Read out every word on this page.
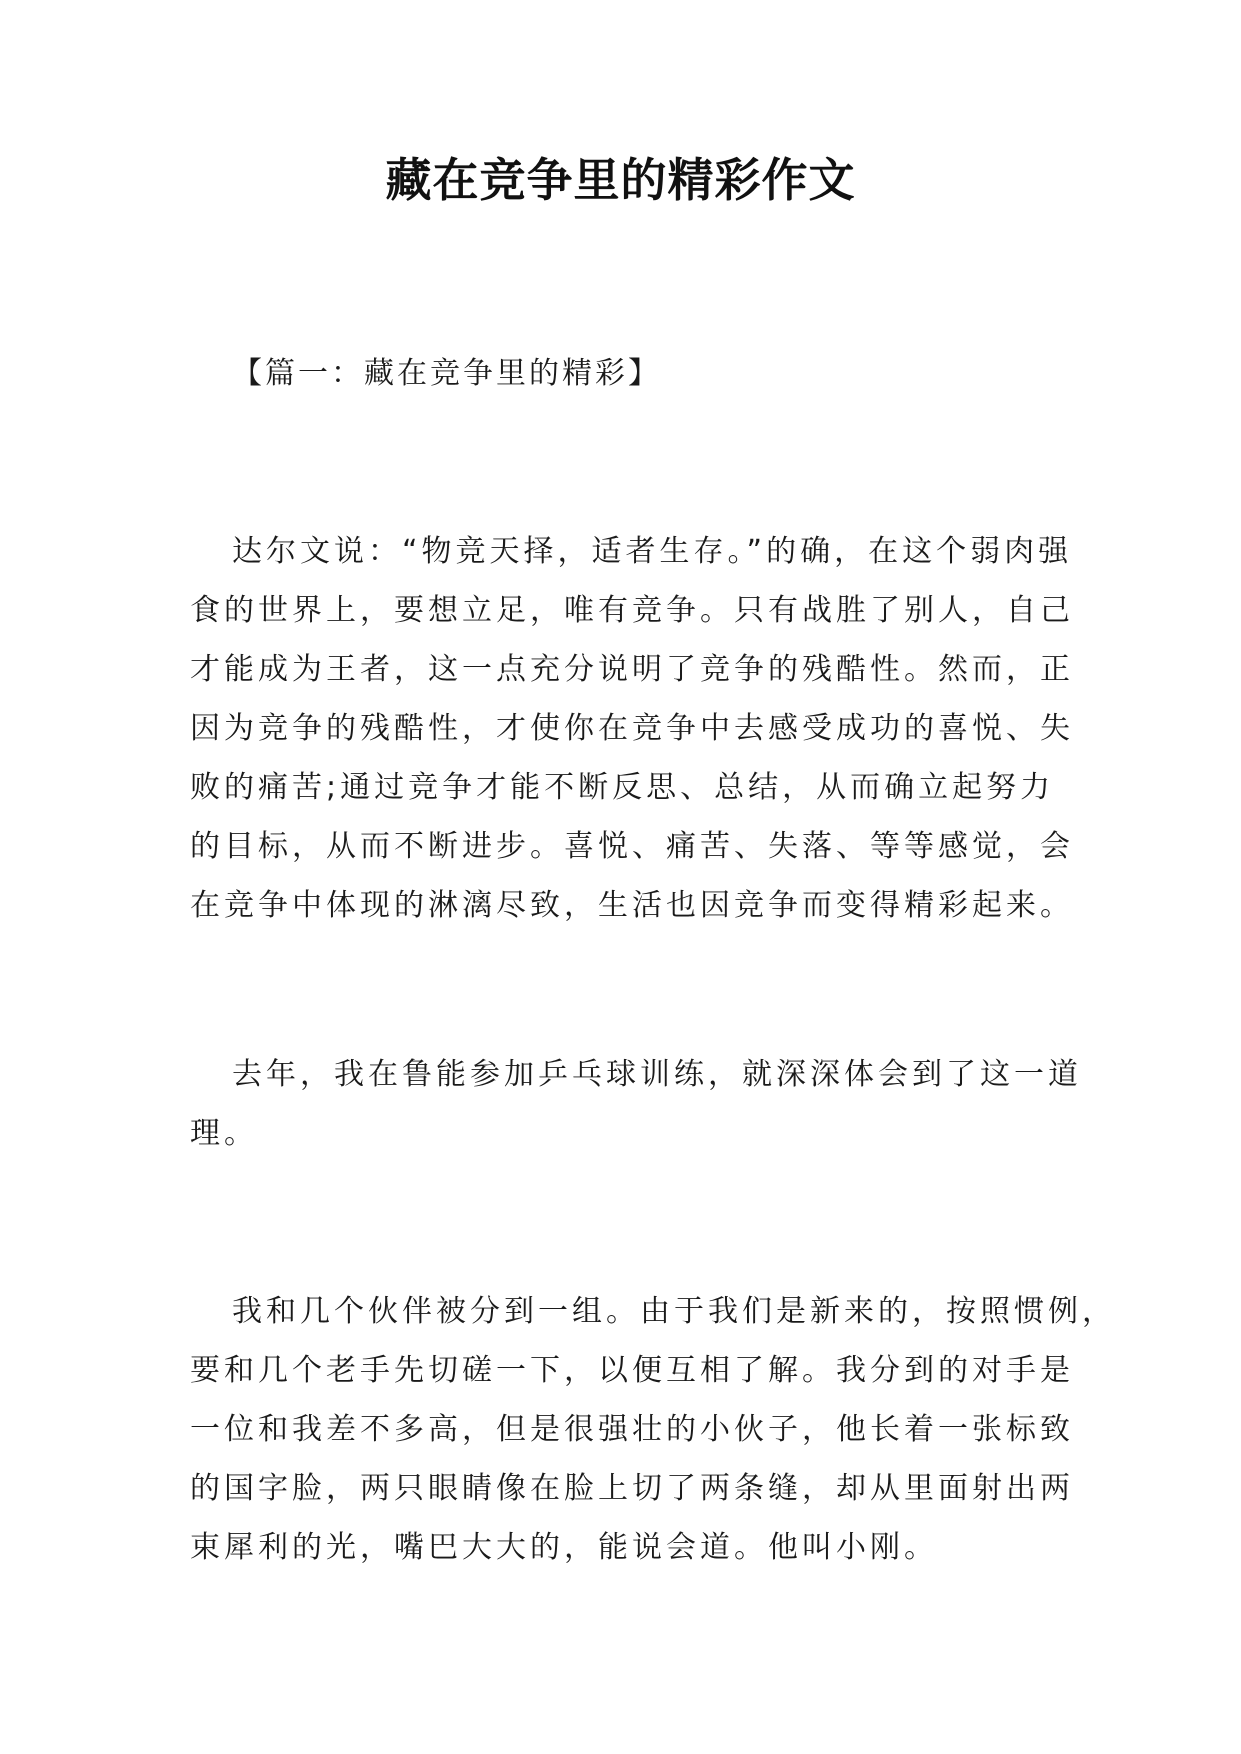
藏在竞争里的精彩作文
【篇一：藏在竞争里的精彩】
达尔文说：“物竞天择，适者生存。”的确，在这个弱肉强
食的世界上，要想立足，唯有竞争。只有战胜了别人，自己
才能成为王者，这一点充分说明了竞争的残酷性。然而，正
因为竞争的残酷性，才使你在竞争中去感受成功的喜悦、失
败的痛苦;通过竞争才能不断反思、总结，从而确立起努力
的目标，从而不断进步。喜悦、痛苦、失落、等等感觉，会
在竞争中体现的淋漓尽致，生活也因竞争而变得精彩起来。
去年，我在鲁能参加乒乓球训练，就深深体会到了这一道
理。
我和几个伙伴被分到一组。由于我们是新来的，按照惯例，
要和几个老手先切磋一下，以便互相了解。我分到的对手是
一位和我差不多高，但是很强壮的小伙子，他长着一张标致
的国字脸，两只眼睛像在脸上切了两条缝，却从里面射出两
束犀利的光，嘴巴大大的，能说会道。他叫小刚。
